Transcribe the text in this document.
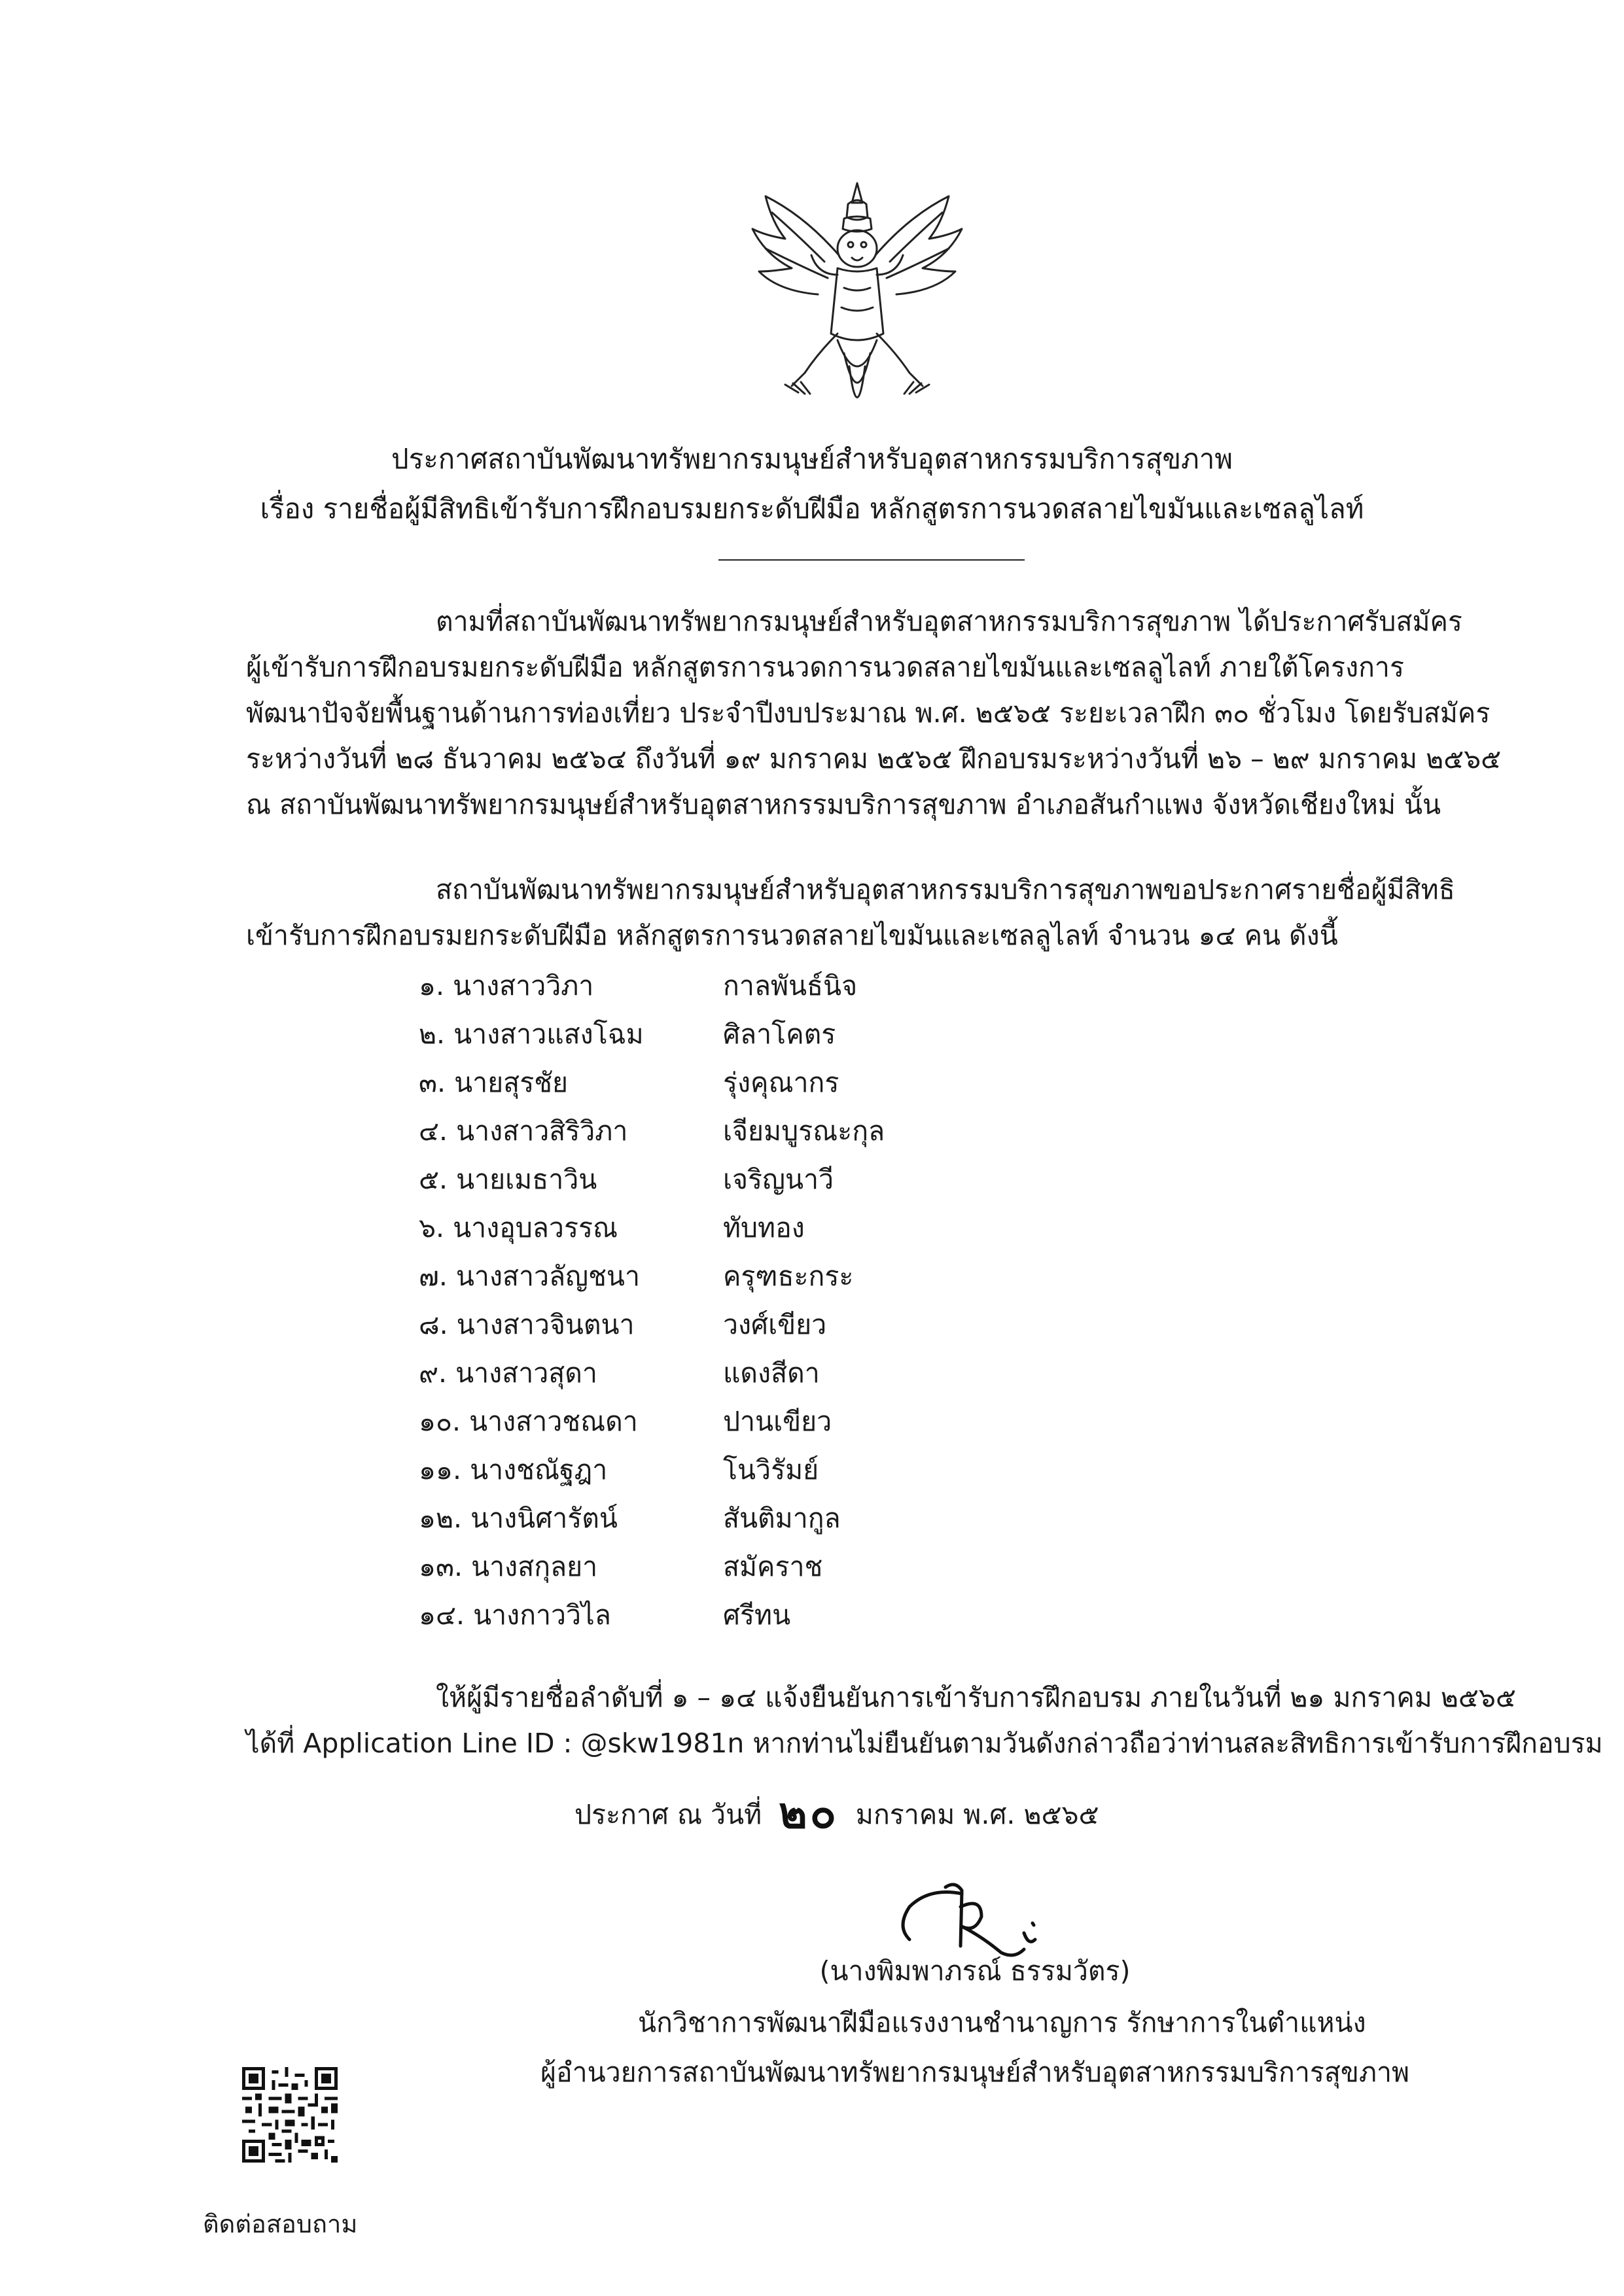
ประกาศสถาบันพัฒนาทรัพยากรมนุษย์สำหรับอุตสาหกรรมบริการสุขภาพ
เรื่อง รายชื่อผู้มีสิทธิเข้ารับการฝึกอบรมยกระดับฝีมือ หลักสูตรการนวดสลายไขมันและเซลลูไลท์
ตามที่สถาบันพัฒนาทรัพยากรมนุษย์สำหรับอุตสาหกรรมบริการสุขภาพ ได้ประกาศรับสมัคร
ผู้เข้ารับการฝึกอบรมยกระดับฝีมือ หลักสูตรการนวดการนวดสลายไขมันและเซลลูไลท์ ภายใต้โครงการ
พัฒนาปัจจัยพื้นฐานด้านการท่องเที่ยว ประจำปีงบประมาณ พ.ศ. ๒๕๖๕ ระยะเวลาฝึก ๓๐ ชั่วโมง โดยรับสมัคร
ระหว่างวันที่ ๒๘ ธันวาคม ๒๕๖๔ ถึงวันที่ ๑๙ มกราคม ๒๕๖๕ ฝึกอบรมระหว่างวันที่ ๒๖ – ๒๙ มกราคม ๒๕๖๕
ณ สถาบันพัฒนาทรัพยากรมนุษย์สำหรับอุตสาหกรรมบริการสุขภาพ อำเภอสันกำแพง จังหวัดเชียงใหม่ นั้น
สถาบันพัฒนาทรัพยากรมนุษย์สำหรับอุตสาหกรรมบริการสุขภาพขอประกาศรายชื่อผู้มีสิทธิ
เข้ารับการฝึกอบรมยกระดับฝีมือ หลักสูตรการนวดสลายไขมันและเซลลูไลท์ จำนวน ๑๔ คน ดังนี้
๑. นางสาววิภา	กาลพันธ์นิจ
๒. นางสาวแสงโฉม	ศิลาโคตร
๓. นายสุรชัย	รุ่งคุณากร
๔. นางสาวสิริวิภา	เจียมบูรณะกุล
๕. นายเมธาวิน	เจริญนาวี
๖. นางอุบลวรรณ	ทับทอง
๗. นางสาวลัญชนา	ครุฑธะกระ
๘. นางสาวจินตนา	วงศ์เขียว
๙. นางสาวสุดา	แดงสีดา
๑๐. นางสาวชณดา	ปานเขียว
๑๑. นางชณัฐฎา	โนวิรัมย์
๑๒. นางนิศารัตน์	สันติมากูล
๑๓. นางสกุลยา	สมัคราช
๑๔. นางกาววิไล	ศรีทน
ให้ผู้มีรายชื่อลำดับที่ ๑ – ๑๔ แจ้งยืนยันการเข้ารับการฝึกอบรม ภายในวันที่ ๒๑ มกราคม ๒๕๖๕
ได้ที่ Application Line ID : @skw1981n หากท่านไม่ยืนยันตามวันดังกล่าวถือว่าท่านสละสิทธิการเข้ารับการฝึกอบรม
ประกาศ ณ วันที่ ๒๐ มกราคม พ.ศ. ๒๕๖๕
(นางพิมพาภรณ์ ธรรมวัตร)
นักวิชาการพัฒนาฝีมือแรงงานชำนาญการ รักษาการในตำแหน่ง
ผู้อำนวยการสถาบันพัฒนาทรัพยากรมนุษย์สำหรับอุตสาหกรรมบริการสุขภาพ
ติดต่อสอบถาม
